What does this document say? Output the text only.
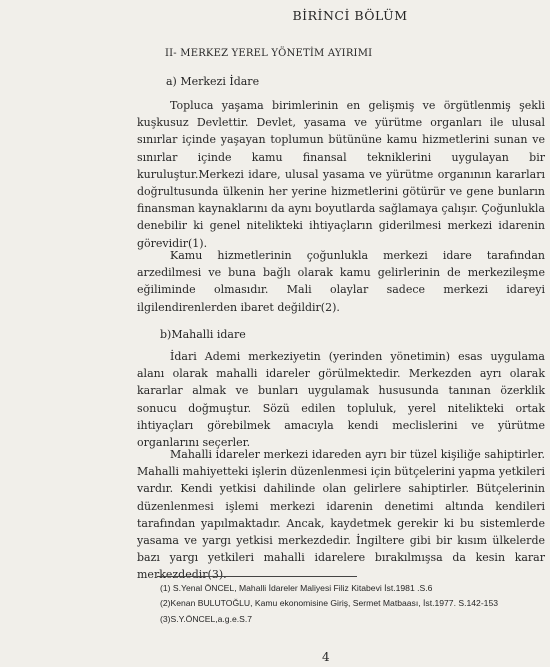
BİRİNCİ BÖLÜM
II- MERKEZ YEREL YÖNETİM AYIRIMI
a) Merkezi İdare

Topluca yaşama birimlerinin en gelişmiş ve örgütlenmiş şekli kuşkusuz Devlettir. Devlet, yasama ve yürütme organları ile ulusal sınırlar içinde yaşayan toplumun bütününe kamu hizmetlerini sunan ve sınırlar içinde kamu finansal tekniklerini uygulayan bir kuruluştur.Merkezi idare, ulusal yasama ve yürütme organının kararları doğrultusunda ülkenin her yerine hizmetlerini götürür ve gene bunların finansman kaynaklarını da aynı boyutlarda sağlamaya çalışır. Çoğunlukla denebilir ki genel nitelikteki ihtiyaçların giderilmesi merkezi idarenin görevidir(1).

Kamu hizmetlerinin çoğunlukla merkezi idare tarafından arzedilmesi ve buna bağlı olarak kamu gelirlerinin de merkezileşme eğiliminde olmasıdır. Mali olaylar sadece merkezi idareyi ilgilendirenlerden ibaret değildir(2).

b)Mahalli idare

İdari Ademi merkeziyetin (yerinden yönetimin) esas uygulama alanı olarak mahalli idareler görülmektedir. Merkezden ayrı olarak kararlar almak ve bunları uygulamak hususunda tanınan özerklik sonucu doğmuştur. Sözü edilen topluluk, yerel nitelikteki ortak ihtiyaçları görebilmek amacıyla kendi meclislerini ve yürütme organlarını seçerler.

Mahalli idareler merkezi idareden ayrı bir tüzel kişiliğe sahiptirler. Mahalli mahiyetteki işlerin düzenlenmesi için bütçelerini yapma yetkileri vardır. Kendi yetkisi dahilinde olan gelirlere sahiptirler. Bütçelerinin düzenlenmesi işlemi merkezi idarenin denetimi altında kendileri tarafından yapılmaktadır. Ancak, kaydetmek gerekir ki bu sistemlerde yasama ve yargı yetkisi merkezdedir. İngiltere gibi bir kısım ülkelerde bazı yargı yetkileri mahalli idarelere bırakılmışsa da kesin karar merkezdedir(3).

(1) S.Yenal ÖNCEL, Mahalli İdareler Maliyesi Filiz Kitabevi İst.1981 .S.6
(2)Kenan BULUTOĞLU, Kamu ekonomisine Giriş, Sermet Matbaası, İst.1977. S.142-153
(3)S.Y.ÖNCEL,a.g.e.S.7
4
